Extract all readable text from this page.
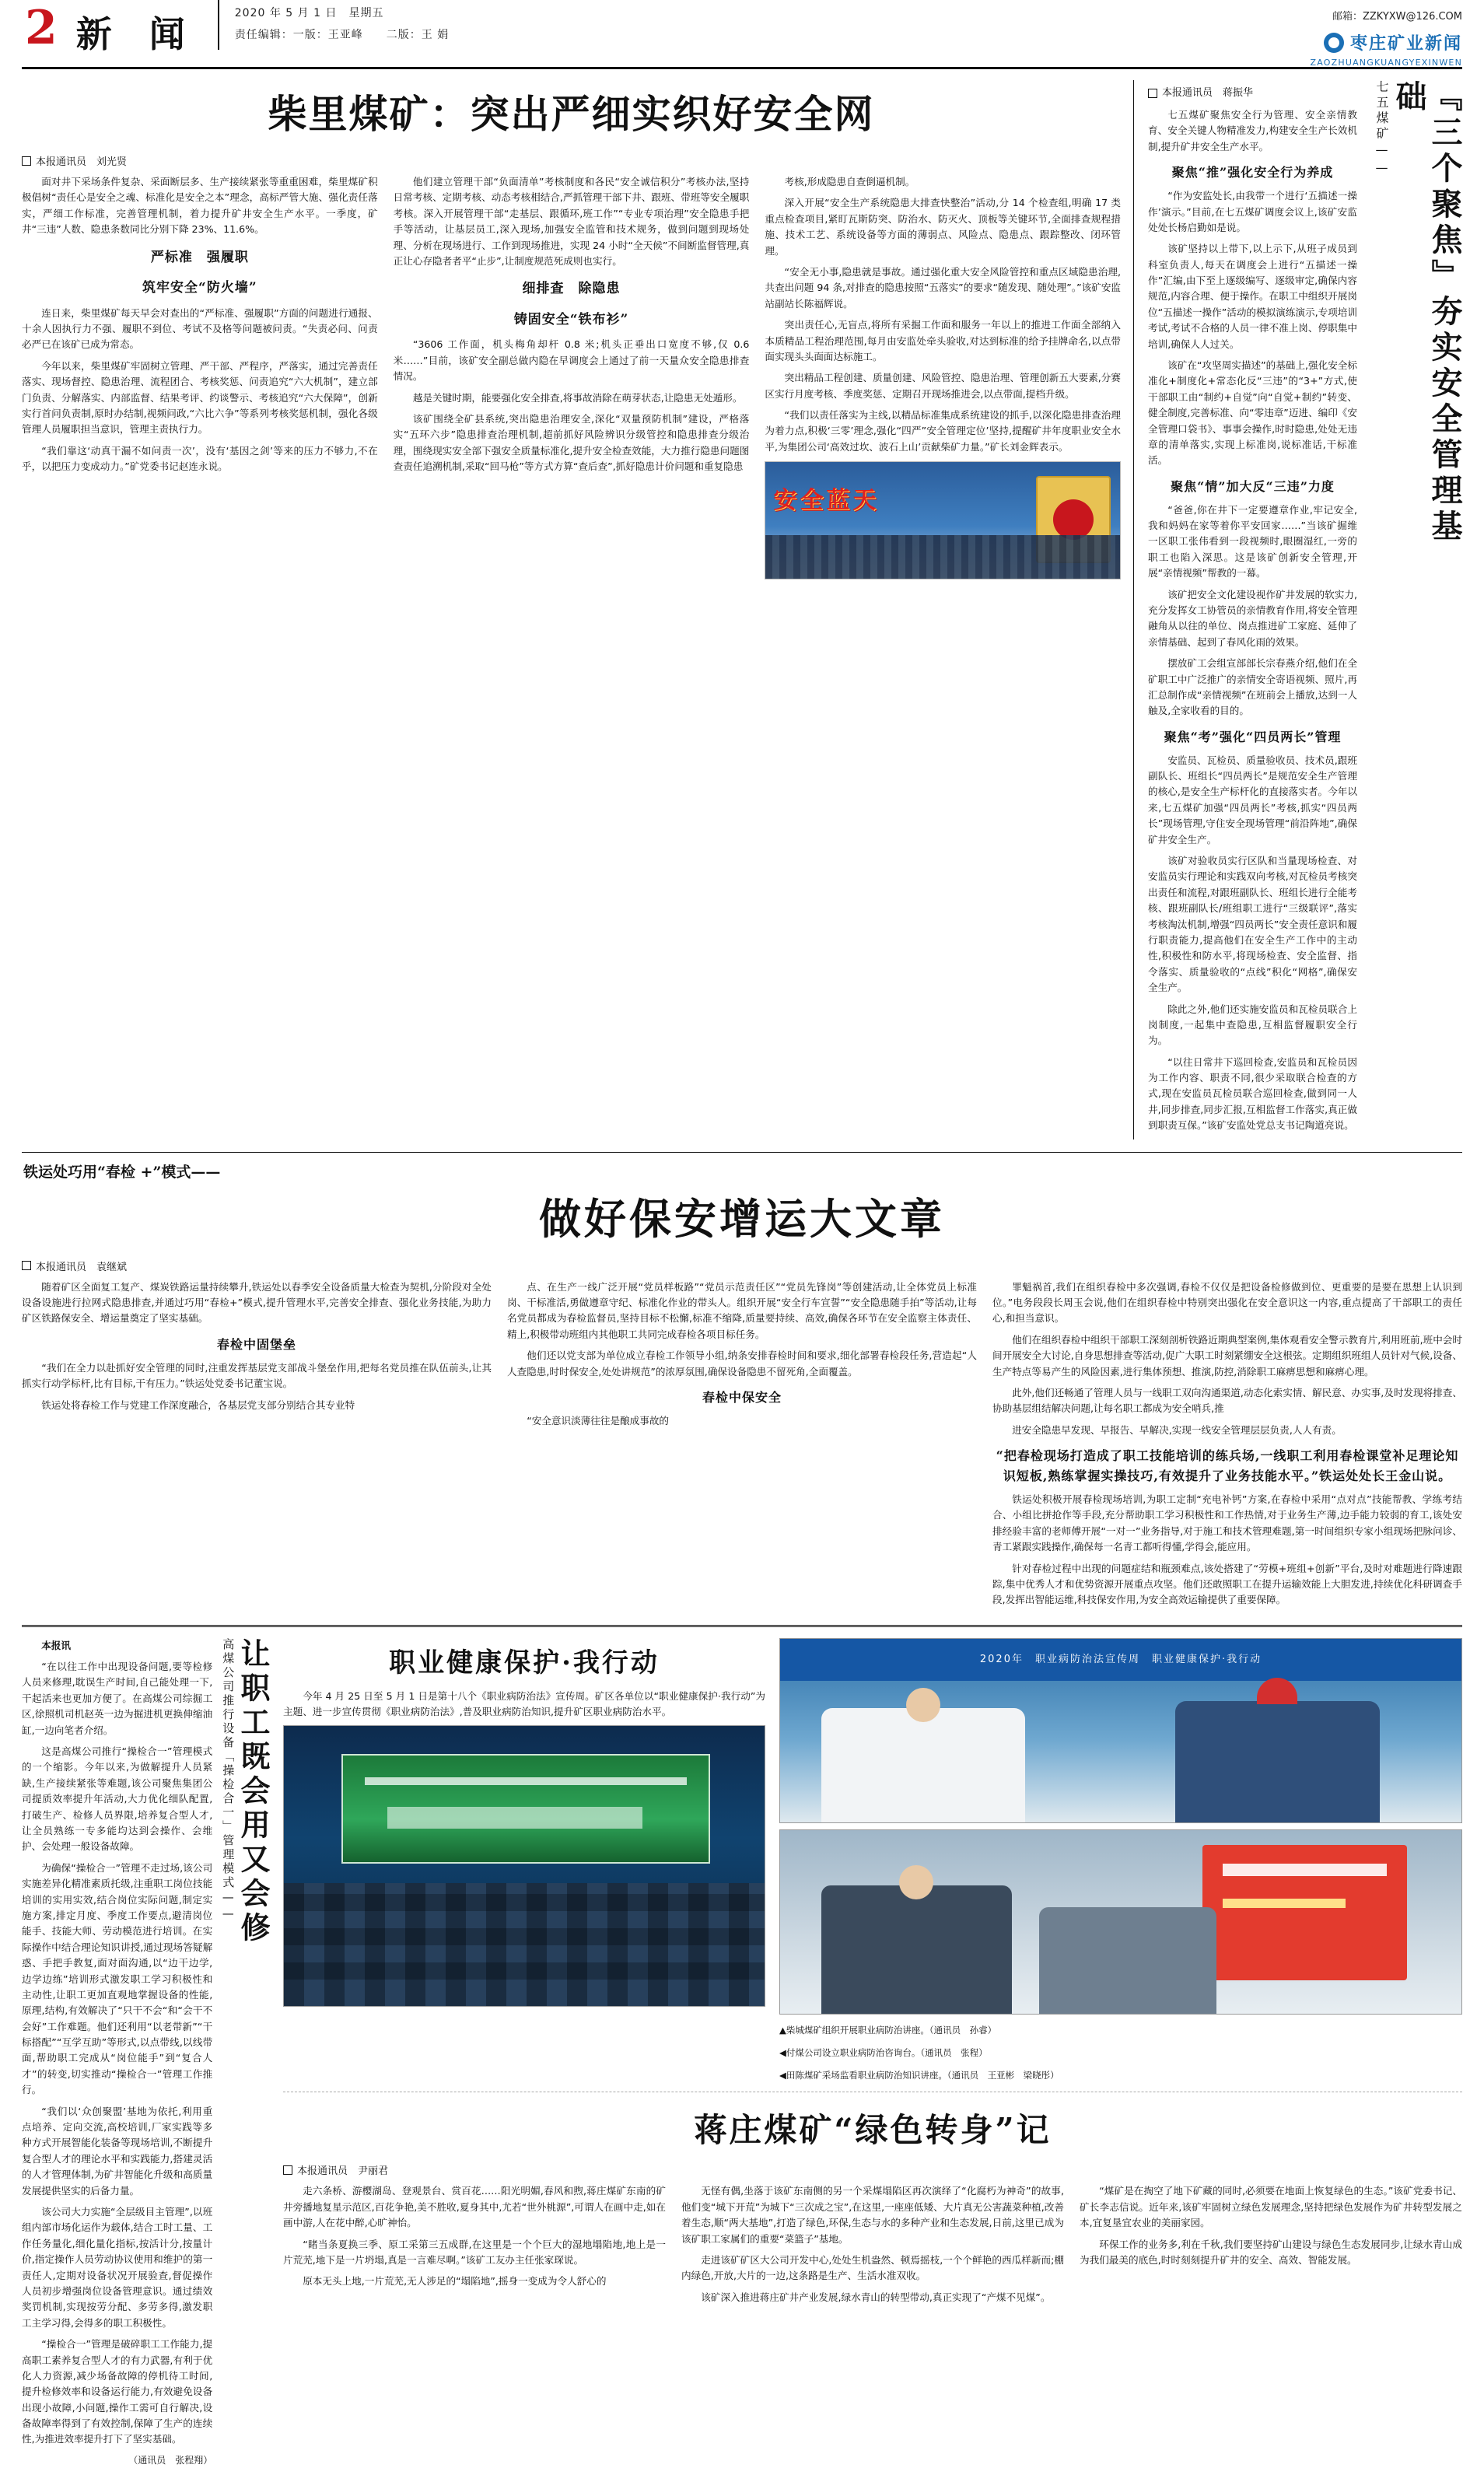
2 新 闻	2020 年 5 月 1 日　星期五
责任编辑：一版：王亚峰　　二版：王 娟
邮箱：ZZKYXW@126.COM
枣庄矿业新闻
ZAOZHUANGKUANGYEXINWEN
柴里煤矿：突出严细实织好安全网
本报通讯员　刘光贤

面对井下采场条件复杂、采面断层多、生产接续紧张等重重困难，柴里煤矿积极倡树“责任心是安全之魂、标准化是安全之本”理念，高标严管大施、强化责任落实，严细工作标准，完善管理机制，着力提升矿井安全生产水平。一季度，矿井“三违”人数、隐患条数同比分别下降 23%、11.6%。

严标准　强履职
筑牢安全“防火墙”

连日来，柴里煤矿每天早会对查出的“严标准、强履职”方面的问题进行通报、十余人因执行力不强、履职不到位、考试不及格等问题被问责。“失责必问、问责必严已在该矿已成为常态。

今年以来，柴里煤矿牢固树立管理、严干部、严程序，严落实，通过完善责任落实、现场督控、隐患治理、流程团合、考核奖惩、问责追究“六大机制”，建立部门负责、分解落实、内部监督、结果考评、约谈警示、考核追究“六大保障”，创新实行首问负责制,原时办结制,视频问政,“六比六争”等系列考核奖惩机制，强化各级管理人员履职担当意识，管理主责执行力。

“我们靠这‘动真干漏不如问责一次’，没有‘基因之剑’等来的压力不够力,不在乎，以把压力变成动力。”矿党委书记赵连永说。

他们建立管理干部“负面清单”考核制度和各民“安全诚信积分”考核办法,坚持日常考核、定期考核、动态考核相结合,严抓管理干部下井、跟班、带班等安全履职考核。深入开展管理干部“走基层、跟循环,班工作”“专业专项治理”安全隐患手把手等活动，让基层员工,深入现场,加强安全监管和技术规务，做到问题到现场处理、分析在现场进行、工作到现场推进，实现 24 小时“全天候”不间断监督管理,真正让心存隐者者平“止步”,让制度规范死成则也实行。

细排查　除隐患
铸固安全“铁布衫”

“3606 工作面，机头梅角却杆 0.8 米;机头正垂出口宽度不够,仅 0.6 米……”目前，该矿安全副总做内隐在早调度会上通过了前一天量众安全隐患排查情况。

越是关键时期，能要强化安全排查,将事故消除在萌芽状态,让隐患无处遁形。

该矿围绕全矿县系统,突出隐患治理安全,深化“双量预防机制”建设，严格落实“五环六步”隐患排查治理机制,超前抓好风险辨识分级管控和隐患排查分级治理，围绕现实安全部下强安全质量标准化,提升安全检查效能，大力推行隐患问题图查责任追溯机制,采取“回马枪”等方式方算“查后查”,抓好隐患计价问题和重复隐患

考核,形成隐患自查倒逼机制。

深入开展“安全生产系统隐患大排查快整治”活动,分 14 个检查组,明确 17 类重点检查项目,紧盯瓦斯防突、防治水、防灭火、顶板等关键环节,全面排查规程措施、技术工艺、系统设备等方面的薄弱点、风险点、隐患点、跟踪整改、闭环管理。

“安全无小事,隐患就是事故。通过强化重大安全风险管控和重点区域隐患治理,共查出问题 94 条,对排查的隐患按照“五落实”的要求“随发现、随处理”。”该矿安监站副站长陈福辉说。

突出责任心,无盲点,将所有采掘工作面和服务一年以上的推进工作面全部纳入本质精品工程治理范围,每月由安监处牵头验收,对达到标准的给予挂牌命名,以点带面实现头头面面达标施工。

突出精品工程创建、质量创建、风险管控、隐患治理、管理创新五大要素,分赛区实行月度考核、季度奖惩、定期召开现场推进会,以点带面,提档升级。

“我们以责任落实为主线,以精品标准集成系统建设的抓手,以深化隐患排查治理为着力点,积极‘三零’理念,强化“四严”安全管理定位’坚持,提醒矿井年度职业安全水平,为集团公司‘高效过坎、波石上山’贡献柴矿力量。”矿长刘金辉表示。

安全蓝天	『三个聚焦』夯实安全管理基础
七五煤矿——
本报通讯员　蒋振华

七五煤矿聚焦安全行为管理、安全亲情教育、安全关键人物精准发力,构建安全生产长效机制,提升矿井安全生产水平。

聚焦“推”强化安全行为养成

“作为安监处长,由我带一个进行‘五描述一操作’演示。”目前,在七五煤矿调度会议上,该矿安监处处长杨启勤如是说。

该矿坚持以上带下,以上示下,从班子成员到科室负责人,每天在调度会上进行“五描述一操作”汇编,由下至上逐级编写、逐级审定,确保内容规范,内容合理、便于操作。在职工中组织开展岗位“五描述一操作”活动的模拟演练演示,专项培训考试,考试不合格的人员一律不准上岗、停职集中培训,确保人人过关。

该矿在“攻坚周实描述”的基础上,强化安全标准化+制度化+常态化反“三违”的“3+”方式,使干部职工由“制约+自觉”向“自觉+制约”转变、健全制度,完善标准、向“零违章”迈进、编印《安全管理口袋书》、事事会操作,时时隐患,处处无违章的清单落实,实现上标准岗,说标准话,干标准活。

聚焦“情”加大反“三违”力度

“爸爸,你在井下一定要遵章作业,牢记安全,我和妈妈在家等着你平安回家……”当该矿掘维一区职工张伟看到一段视频时,眼圈湿红,一旁的职工也陷入深思。这是该矿创新安全管理,开展“亲情视频”帮教的一幕。

该矿把安全文化建设视作矿井发展的软实力,充分发挥女工协管员的亲情教育作用,将安全管理融角从以往的单位、岗点推进矿工家庭、延伸了亲情基础、起到了春风化雨的效果。

摆放矿工会组宣部部长宗春燕介绍,他们在全矿职工中广泛推广的亲情安全寄语视频、照片,再汇总制作成“亲情视频”在班前会上播放,达到一人触及,全家收看的目的。

聚焦“考”强化“四员两长”管理

安监员、瓦检员、质量验收员、技术员,跟班副队长、班组长“四员两长”是规范安全生产管理的核心,是安全生产标杆化的直接落实者。今年以来,七五煤矿加强“四员两长”考核,抓实“四员两长”现场管理,守住安全现场管理“前沿阵地”,确保矿井安全生产。

该矿对验收员实行区队和当量现场检查、对安监员实行理论和实践双向考核,对瓦检员考核突出责任和流程,对跟班副队长、班组长进行全能考核、跟班副队长/班组职工进行“三级联评”,落实考核淘汰机制,增强“四员两长”安全责任意识和履行职责能力,提高他们在安全生产工作中的主动性,积极性和防水平,将现场检查、安全监督、指令落实、质量验收的“点线”积化“网格”,确保安全生产。

除此之外,他们还实施安监员和瓦检员联合上岗制度,一起集中查隐患,互相监督履职安全行为。

“以往日常井下巡回检查,安监员和瓦检员因为工作内容、职责不同,很少采取联合检查的方式,现在安监员瓦检员联合巡回检查,做到同一人井,同步排查,同步汇报,互相监督工作落实,真正做到职责互保。”该矿安监处党总支书记陶道亮说。

铁运处巧用“春检 +”模式——
做好保安增运大文章
本报通讯员　袁继斌

随着矿区全面复工复产、煤炭铁路运量持续攀升,铁运处以春季安全设备质量大检查为契机,分阶段对全处设备设施进行拉网式隐患排查,并通过巧用“春检+”模式,提升管理水平,完善安全排查、强化业务技能,为助力矿区铁路保安全、增运量奠定了坚实基础。

春检中固堡垒

“我们在全力以赴抓好安全管理的同时,注重发挥基层党支部战斗堡垒作用,把每名党员推在队伍前头,让其抓实行动学标杆,比有目标,干有压力。”铁运处党委书记董宝说。

铁运处将春检工作与党建工作深度融合，各基层党支部分别结合其专业特

点、在生产一线广泛开展“党员样板路”“党员示范责任区”“党员先锋岗”等创建活动,让全体党员上标准岗、干标准活,勇做遵章守纪、标准化作业的带头人。组织开展“安全行车宣誓”“安全隐患随手拍”等活动,让每名党员都成为春检监督员,坚持目标不松懈,标准不缩降,质量要持续、高效,确保各环节在安全监察主体责任、精上,积极带动班组内其他职工共同完成春检各项目标任务。

他们还以党支部为单位成立春检工作领导小组,纳条安排春检时间和要求,细化部署春检段任务,营造起“人人查隐患,时时保安全,处处讲规范”的浓厚氛围,确保设备隐患不留死角,全面覆盖。

春检中保安全

“安全意识淡薄往往是酿成事故的

罪魁祸首,我们在组织春检中多次强调,春检不仅仅是把设备检修做到位、更重要的是要在思想上认识到位。”电务段段长周玉会说,他们在组织春检中特别突出强化在安全意识这一内容,重点提高了干部职工的责任心,和担当意识。

他们在组织春检中组织干部职工深刻剖析铁路近期典型案例,集体观看安全警示教育片,利用班前,班中会时间开展安全大讨论,自身思想排查等活动,促广大职工时刻紧绷安全这根弦。定期组织班组人员针对气候,设备、生产特点等易产生的风险因素,进行集体预想、推演,防控,消除职工麻痹思想和麻痹心理。

此外,他们还畅通了管理人员与一线职工双向沟通渠道,动态化索实情、解民意、办实事,及时发现将排查、协助基层组结解决问题,让每名职工都成为安全哨兵,推

进安全隐患早发现、早报告、早解决,实现一线安全管理层层负责,人人有责。

“把春检现场打造成了职工技能培训的练兵场,一线职工利用春检课堂补足理论知识短板,熟练掌握实操技巧,有效提升了业务技能水平。”铁运处处长王金山说。

铁运处积极开展春检现场培训,为职工定制“充电补钙”方案,在春检中采用“点对点”技能帮教、学练考结合、小组比拼抢作等手段,充分帮助职工学习积极性和工作热情,对于业务生产薄,边手能力较弱的育工,该处安排经验丰富的老师傅开展“一对一”业务指导,对于施工和技术管理难题,第一时间组织专家小组现场把脉问诊、青工紧跟实践操作,确保每一名青工都听得懂,学得会,能应用。

针对春检过程中出现的问题症结和瓶颈难点,该处搭建了“劳模+班组+创新”平台,及时对难题进行降速跟踪,集中优秀人才和优势资源开展重点攻坚。他们还敢照职工在提升运输效能上大胆发进,持续优化科研调查手段,发挥出智能运维,科技保安作用,为安全高效运输提供了重要保障。

本报讯

“在以往工作中出现设备问题,要等检修人员来修理,耽误生产时间,自己能处理一下,干起活来也更加方便了。在高煤公司综掘工区,徐照机司机赵英一边为掘进机更换伸缩油缸,一边向笔者介绍。

这是高煤公司推行“操检合一”管理模式的一个缩影。今年以来,为做解提升人员紧缺,生产接续紧张等难题,该公司聚焦集团公司提质效率提升年活动,大力优化细队配置,打破生产、检修人员界限,培养复合型人才,让全员熟练一专多能均达到会操作、会维护、会处理一般设备故障。

为确保“操检合一”管理不走过场,该公司实施差异化精准素质托级,注重职工岗位技能培训的实用实效,结合岗位实际问题,制定实施方案,排定月度、季度工作要点,避清岗位能手、技能大师、劳动模范进行培训。在实际操作中结合理论知识讲授,通过现场答疑解惑、手把手教复,面对面沟通,以“边干边学,边学边练”培训形式激发职工学习积极性和主动性,让职工更加直观地掌握设备的性能,原理,结构,有效解决了“只干不会“和“会干不会好”工作难题。他们还利用“以老带新”“干标搭配”“互学互助”等形式,以点带线,以线带面,帮助职工完成从“岗位能手”到“复合人才”的转变,切实推动“操检合一”管理工作推行。

“我们以‘众创聚盟’基地为依托,利用重点培养、定向交流,高校培训,厂家实践等多种方式开展智能化装备等现场培训,不断提升复合型人才的理论水平和实践能力,搭建灵活的人才管理体制,为矿井智能化升级和高质量发展提供坚实的后备力量。

该公司大力实施“全层级目主管理”,以班组内部市场化运作为载体,结合工时工量、工作任务量化,细化量化指标,按活计分,按量计价,指定操作人员劳动协议使用和维护的第一责任人,定期对设备状况开展验查,督促操作人员初步增强岗位设备管理意识。通过绩效奖罚机制,实现按劳分配、多劳多得,激发职工主学习得,会得多的职工积极性。

“操检合一”管理是破碎职工工作能力,提高职工素养复合型人才的有力武器,有利于优化人力资源,减少场备故障的停机待工时间,提升检修效率和设备运行能力,有效避免设备出现小故障,小问题,操作工需可自行解决,设备故障率得到了有效控制,保障了生产的连续性,为推进效率提升打下了坚实基础。

（通讯员　张程翔）
让职工既会用又会修
高煤公司推行设备「操检合一」管理模式——	职业健康保护·我行动

今年 4 月 25 日至 5 月 1 日是第十八个《职业病防治法》宣传周。矿区各单位以“职业健康保护·我行动”为主题、进一步宣传贯彻《职业病防治法》,普及职业病防治知识,提升矿区职业病防治水平。

2020年　职业病防治法宣传周　职业健康保护·我行动
▲柴城煤矿组织开展职业病防治讲座。（通讯员　孙睿）
◀付煤公司设立职业病防治咨询台。（通讯员　张程）
◀田陈煤矿采场监看职业病防治知识讲座。（通讯员　王亚彬　梁晓彤）
蒋庄煤矿“绿色转身”记
本报通讯员　尹丽君

走六条桥、游樱湖岛、登观景台、赏百花……阳光明媚,春风和煦,蒋庄煤矿东南的矿井旁播地复星示范区,百花争艳,美不胜收,夏身其中,尤若“世外桃源”,可谓人在画中走,如在画中游,人在花中醉,心旷神怡。

“睹当条夏换三季、原工采第三五成群,在这里是一个个巨大的湿地塌陷地,地上是一片荒芜,地下是一片坍塌,真是一言难尽啊。”该矿工友办主任张家琛说。

原本无头上地,一片荒芜,无人涉足的“塌陷地”,摇身一变成为令人舒心的

无怪有偶,坐落于该矿东南侧的另一个采煤塌陷区再次演绎了“化腐朽为神奇”的故事,他们变“城下开荒”为城下“三次成之宝”,在这里,一座座低矮、大片真无公害蔬菜种植,改善着生态,顺“两大基地”,打造了绿色,环保,生态与水的多种产业和生态发展,日前,这里已成为该矿职工家属们的重要“菜篮子”基地。

走进该矿矿区大公司开发中心,处处生机盎然、顿焉摇枝,一个个鲜艳的西瓜样新而;棚内绿色,开放,大片的一边,这条路是生产、生活水准双收。

该矿深入推进蒋庄矿井产业发展,绿水青山的转型带动,真正实现了“产煤不见煤”。

“煤矿是在掏空了地下矿藏的同时,必须要在地面上恢复绿色的生态。”该矿党委书记、矿长李志信说。近年来,该矿牢固树立绿色发展理念,坚持把绿色发展作为矿井转型发展之本,宜复垦宜农业的美丽家园。

环保工作的业务多,利在千秋,我们要坚持矿山建设与绿色生态发展同步,让绿水青山成为我们最美的底色,时时刻刻提升矿井的安全、高效、智能发展。
